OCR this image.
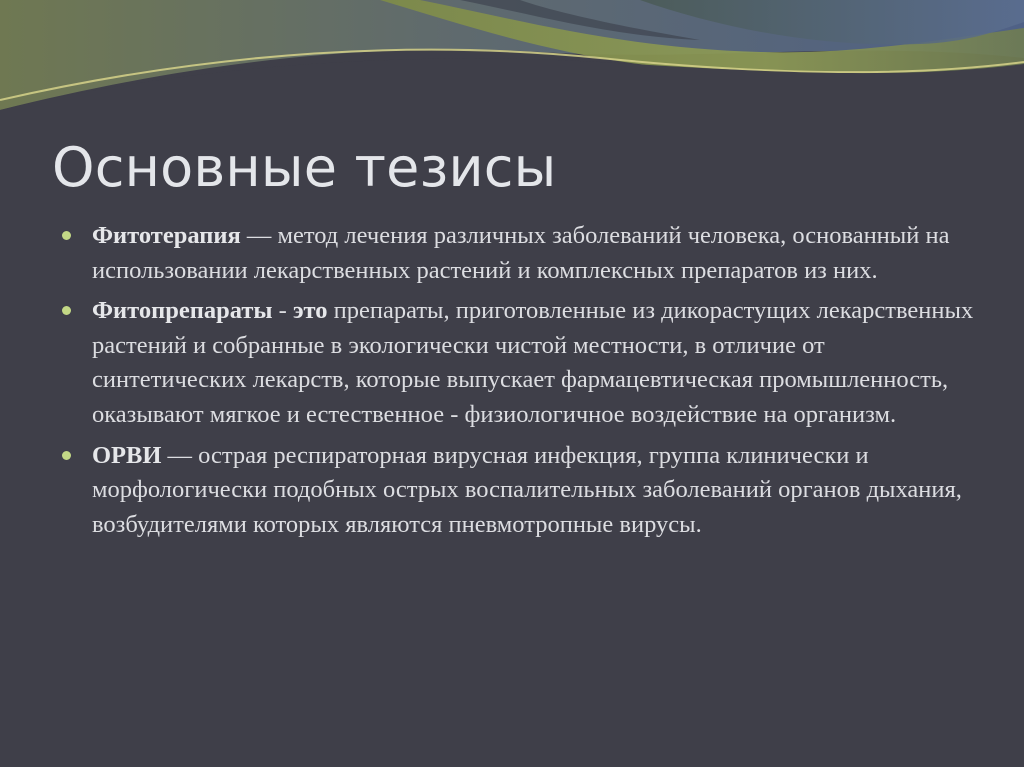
Основные тезисы
Фитотерапия — метод лечения различных заболеваний человека, основанный на использовании лекарственных растений и комплексных препаратов из них.
Фитопрепараты - это препараты, приготовленные из дикорастущих лекарственных растений и собранные в экологически чистой местности, в отличие от синтетических лекарств, которые выпускает фармацевтическая промышленность, оказывают мягкое и естественное - физиологичное воздействие на организм.
ОРВИ — острая респираторная вирусная инфекция, группа клинически и морфологически подобных острых воспалительных заболеваний органов дыхания, возбудителями которых являются пневмотропные вирусы.
